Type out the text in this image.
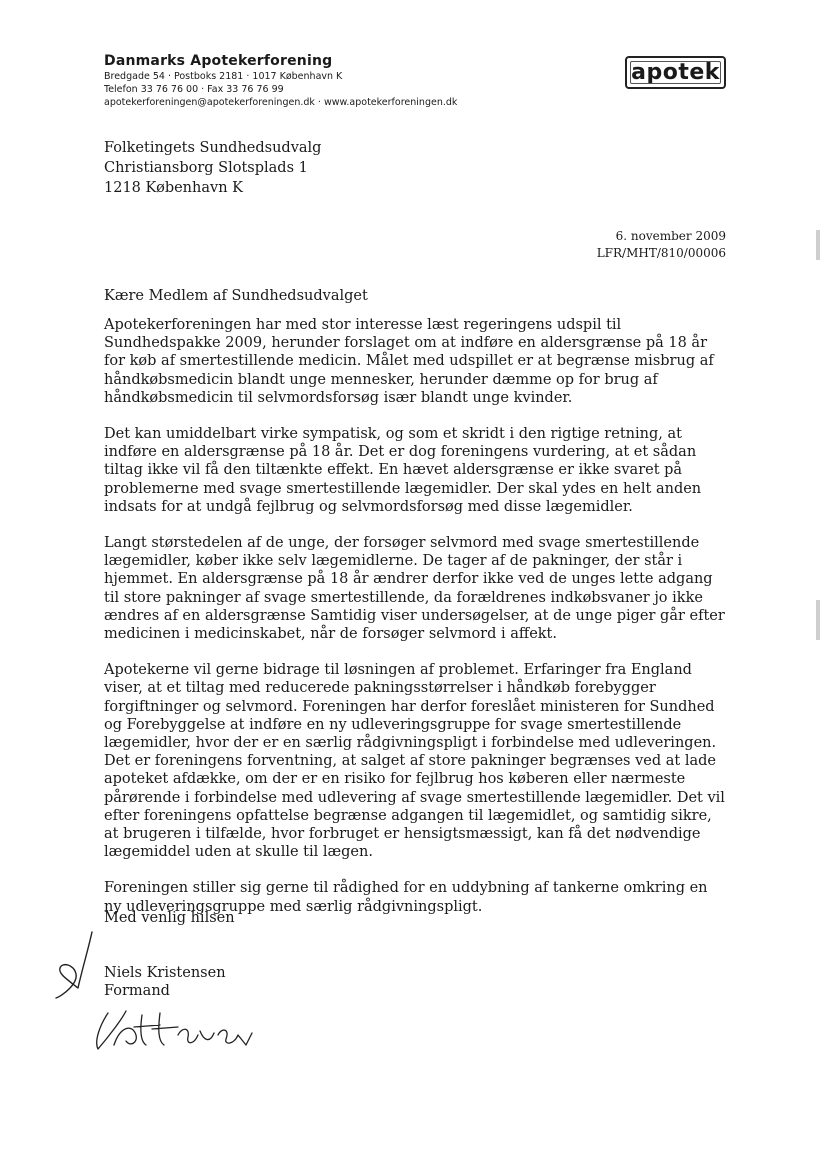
Danmarks Apotekerforening
Bredgade 54 · Postboks 2181 · 1017 København K
Telefon 33 76 76 00 · Fax 33 76 76 99
apotekerforeningen@apotekerforeningen.dk · www.apotekerforeningen.dk
apotek
Folketingets Sundhedsudvalg
Christiansborg Slotsplads 1
1218 København K
6. november 2009
LFR/MHT/810/00006
Kære Medlem af Sundhedsudvalget

Apotekerforeningen har med stor interesse læst regeringens udspil til Sundhedspakke 2009, herunder forslaget om at indføre en aldersgrænse på 18 år for køb af smertestillende medicin. Målet med udspillet er at begrænse misbrug af håndkøbsmedicin blandt unge mennesker, herunder dæmme op for brug af håndkøbsmedicin til selvmordsforsøg især blandt unge kvinder.

Det kan umiddelbart virke sympatisk, og som et skridt i den rigtige retning, at indføre en aldersgrænse på 18 år. Det er dog foreningens vurdering, at et sådan tiltag ikke vil få den tiltænkte effekt. En hævet aldersgrænse er ikke svaret på problemerne med svage smertestillende lægemidler. Der skal ydes en helt anden indsats for at undgå fejlbrug og selvmordsforsøg med disse lægemidler.

Langt størstedelen af de unge, der forsøger selvmord med svage smertestillende lægemidler, køber ikke selv lægemidlerne. De tager af de pakninger, der står i hjemmet. En aldersgrænse på 18 år ændrer derfor ikke ved de unges lette adgang til store pakninger af svage smertestillende, da forældrenes indkøbsvaner jo ikke ændres af en aldersgrænse Samtidig viser undersøgelser, at de unge piger går efter medicinen i medicinskabet, når de forsøger selvmord i affekt.

Apotekerne vil gerne bidrage til løsningen af problemet. Erfaringer fra England viser, at et tiltag med reducerede pakningsstørrelser i håndkøb forebygger forgiftninger og selvmord. Foreningen har derfor foreslået ministeren for Sundhed og Forebyggelse at indføre en ny udleveringsgruppe for svage smertestillende lægemidler, hvor der er en særlig rådgivningspligt i forbindelse med udleveringen. Det er foreningens forventning, at salget af store pakninger begrænses ved at lade apoteket afdække, om der er en risiko for fejlbrug hos køberen eller nærmeste pårørende i forbindelse med udlevering af svage smertestillende lægemidler. Det vil efter foreningens opfattelse begrænse adgangen til lægemidlet, og samtidig sikre, at brugeren i tilfælde, hvor forbruget er hensigtsmæssigt, kan få det nødvendige lægemiddel uden at skulle til lægen.

Foreningen stiller sig gerne til rådighed for en uddybning af tankerne omkring en ny udleveringsgruppe med særlig rådgivningspligt.

Med venlig hilsen
Niels Kristensen
Formand
